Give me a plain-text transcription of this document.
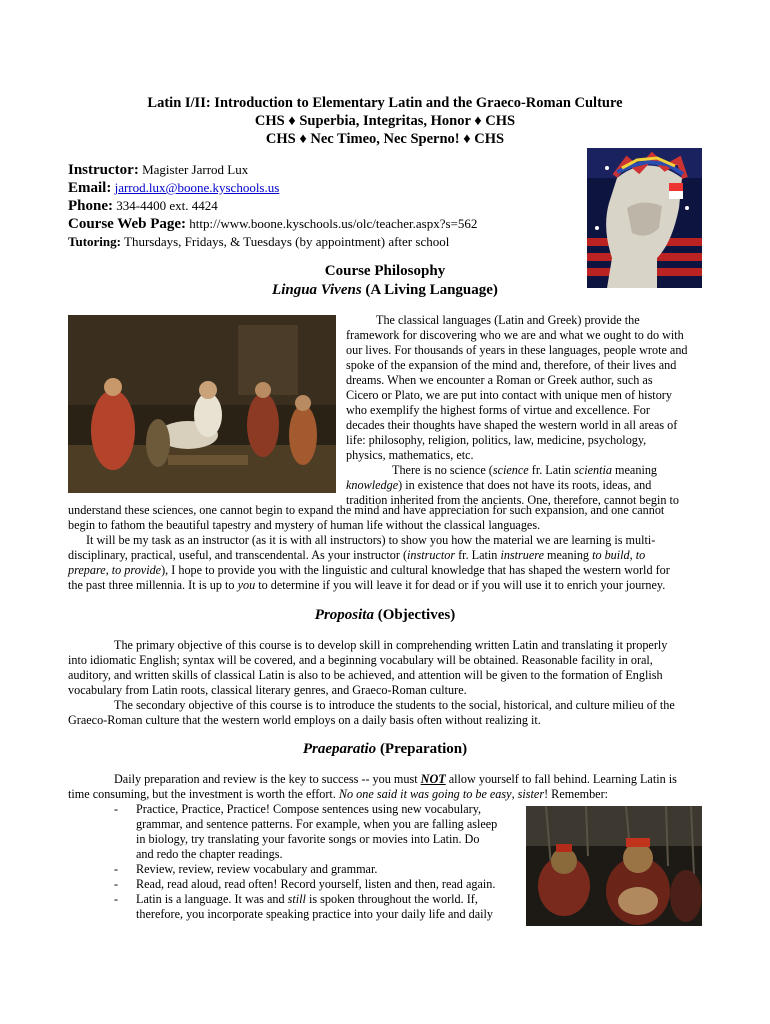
Latin I/II: Introduction to Elementary Latin and the Graeco-Roman Culture
CHS ♦ Superbia, Integritas, Honor ♦ CHS
CHS ♦ Nec Timeo, Nec Sperno! ♦ CHS
Instructor: Magister Jarrod Lux
Email: jarrod.lux@boone.kyschools.us
Phone: 334-4400 ext. 4424
Course Web Page: http://www.boone.kyschools.us/olc/teacher.aspx?s=562
Tutoring: Thursdays, Fridays, & Tuesdays (by appointment) after school
Course Philosophy
Lingua Vivens (A Living Language)
The classical languages (Latin and Greek) provide the
framework for discovering who we are and what we ought to do with
our lives. For thousands of years in these languages, people wrote and
spoke of the expansion of the mind and, therefore, of their lives and
dreams. When we encounter a Roman or Greek author, such as
Cicero or Plato, we are put into contact with unique men of history
who exemplify the highest forms of virtue and excellence. For
decades their thoughts have shaped the western world in all areas of
life: philosophy, religion, politics, law, medicine, psychology,
physics, mathematics, etc.
There is no science (science fr. Latin scientia meaning
knowledge) in existence that does not have its roots, ideas, and
tradition inherited from the ancients. One, therefore, cannot begin to
understand these sciences, one cannot begin to expand the mind and have appreciation for such expansion, and one cannot
begin to fathom the beautiful tapestry and mystery of human life without the classical languages.
It will be my task as an instructor (as it is with all instructors) to show you how the material we are learning is multi-
disciplinary, practical, useful, and transcendental. As your instructor (instructor fr. Latin instruere meaning to build, to
prepare, to provide), I hope to provide you with the linguistic and cultural knowledge that has shaped the western world for
the past three millennia. It is up to you to determine if you will leave it for dead or if you will use it to enrich your journey.
Proposita (Objectives)
The primary objective of this course is to develop skill in comprehending written Latin and translating it properly
into idiomatic English; syntax will be covered, and a beginning vocabulary will be obtained. Reasonable facility in oral,
auditory, and written skills of classical Latin is also to be achieved, and attention will be given to the formation of English
vocabulary from Latin roots, classical literary genres, and Graeco-Roman culture.
The secondary objective of this course is to introduce the students to the social, historical, and culture milieu of the
Graeco-Roman culture that the western world employs on a daily basis often without realizing it.
Praeparatio (Preparation)
Daily preparation and review is the key to success -- you must NOT allow yourself to fall behind. Learning Latin is
time consuming, but the investment is worth the effort. No one said it was going to be easy, sister! Remember:
- Practice, Practice, Practice! Compose sentences using new vocabulary,
grammar, and sentence patterns. For example, when you are falling asleep
in biology, try translating your favorite songs or movies into Latin. Do
and redo the chapter readings.
- Review, review, review vocabulary and grammar.
- Read, read aloud, read often! Record yourself, listen and then, read again.
- Latin is a language. It was and still is spoken throughout the world. If,
therefore, you incorporate speaking practice into your daily life and daily
